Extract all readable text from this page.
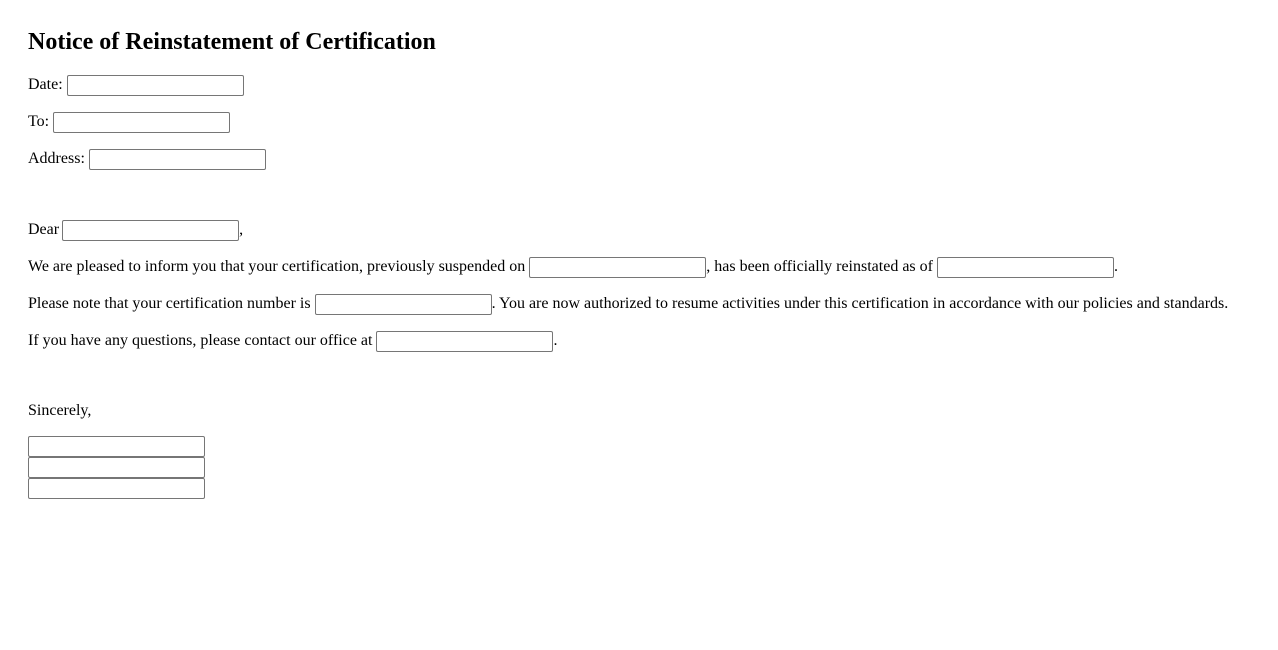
Notice of Reinstatement of Certification
Date:
To:
Address:
Dear	,
We are pleased to inform you that your certification, previously suspended on	, has been officially reinstated as of	.
Please note that your certification number is	. You are now authorized to resume activities under this certification in accordance with our policies and standards.
If you have any questions, please contact our office at	.
Sincerely,
